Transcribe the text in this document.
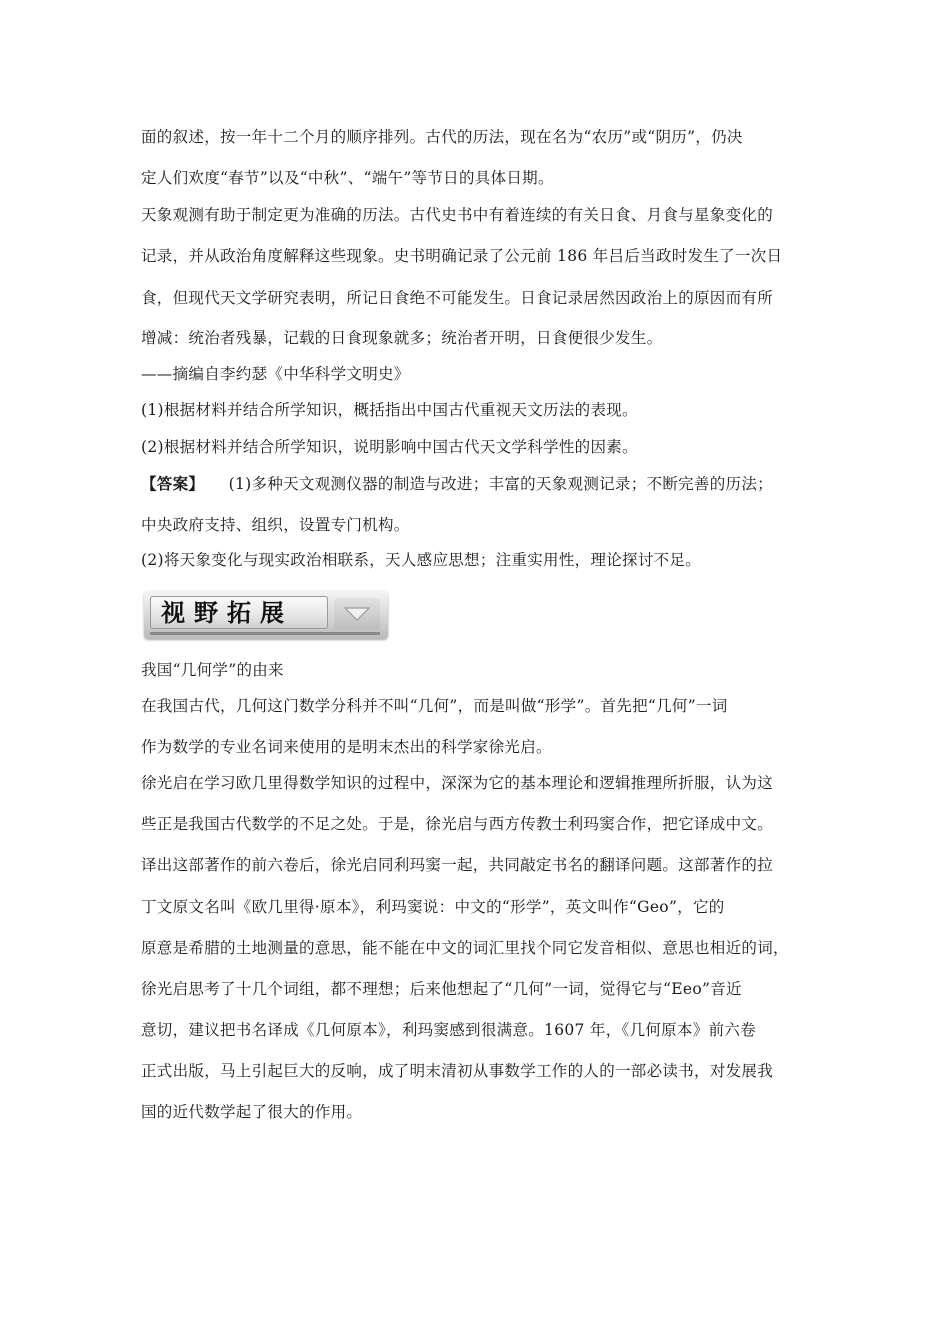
面的叙述，按一年十二个月的顺序排列。古代的历法，现在名为“农历”或“阴历”，仍决
定人们欢度“春节”以及“中秋”、“端午”等节日的具体日期。
天象观测有助于制定更为准确的历法。古代史书中有着连续的有关日食、月食与星象变化的
记录，并从政治角度解释这些现象。史书明确记录了公元前 186 年吕后当政时发生了一次日
食，但现代天文学研究表明，所记日食绝不可能发生。日食记录居然因政治上的原因而有所
增减：统治者残暴，记载的日食现象就多；统治者开明，日食便很少发生。
——摘编自李约瑟《中华科学文明史》
(1)根据材料并结合所学知识，概括指出中国古代重视天文历法的表现。
(2)根据材料并结合所学知识，说明影响中国古代天文学科学性的因素。
【答案】 (1)多种天文观测仪器的制造与改进；丰富的天象观测记录；不断完善的历法；
中央政府支持、组织，设置专门机构。
(2)将天象变化与现实政治相联系，天人感应思想；注重实用性，理论探讨不足。
视野拓展
我国“几何学”的由来
在我国古代，几何这门数学分科并不叫“几何”，而是叫做“形学”。首先把“几何”一词
作为数学的专业名词来使用的是明末杰出的科学家徐光启。
徐光启在学习欧几里得数学知识的过程中，深深为它的基本理论和逻辑推理所折服，认为这
些正是我国古代数学的不足之处。于是，徐光启与西方传教士利玛窦合作，把它译成中文。
译出这部著作的前六卷后，徐光启同利玛窦一起，共同敲定书名的翻译问题。这部著作的拉
丁文原文名叫《欧几里得·原本》，利玛窦说：中文的“形学”，英文叫作“Geo”，它的
原意是希腊的土地测量的意思，能不能在中文的词汇里找个同它发音相似、意思也相近的词，
徐光启思考了十几个词组，都不理想；后来他想起了“几何”一词，觉得它与“Eeo”音近
意切，建议把书名译成《几何原本》，利玛窦感到很满意。1607 年，《几何原本》前六卷
正式出版，马上引起巨大的反响，成了明末清初从事数学工作的人的一部必读书，对发展我
国的近代数学起了很大的作用。
